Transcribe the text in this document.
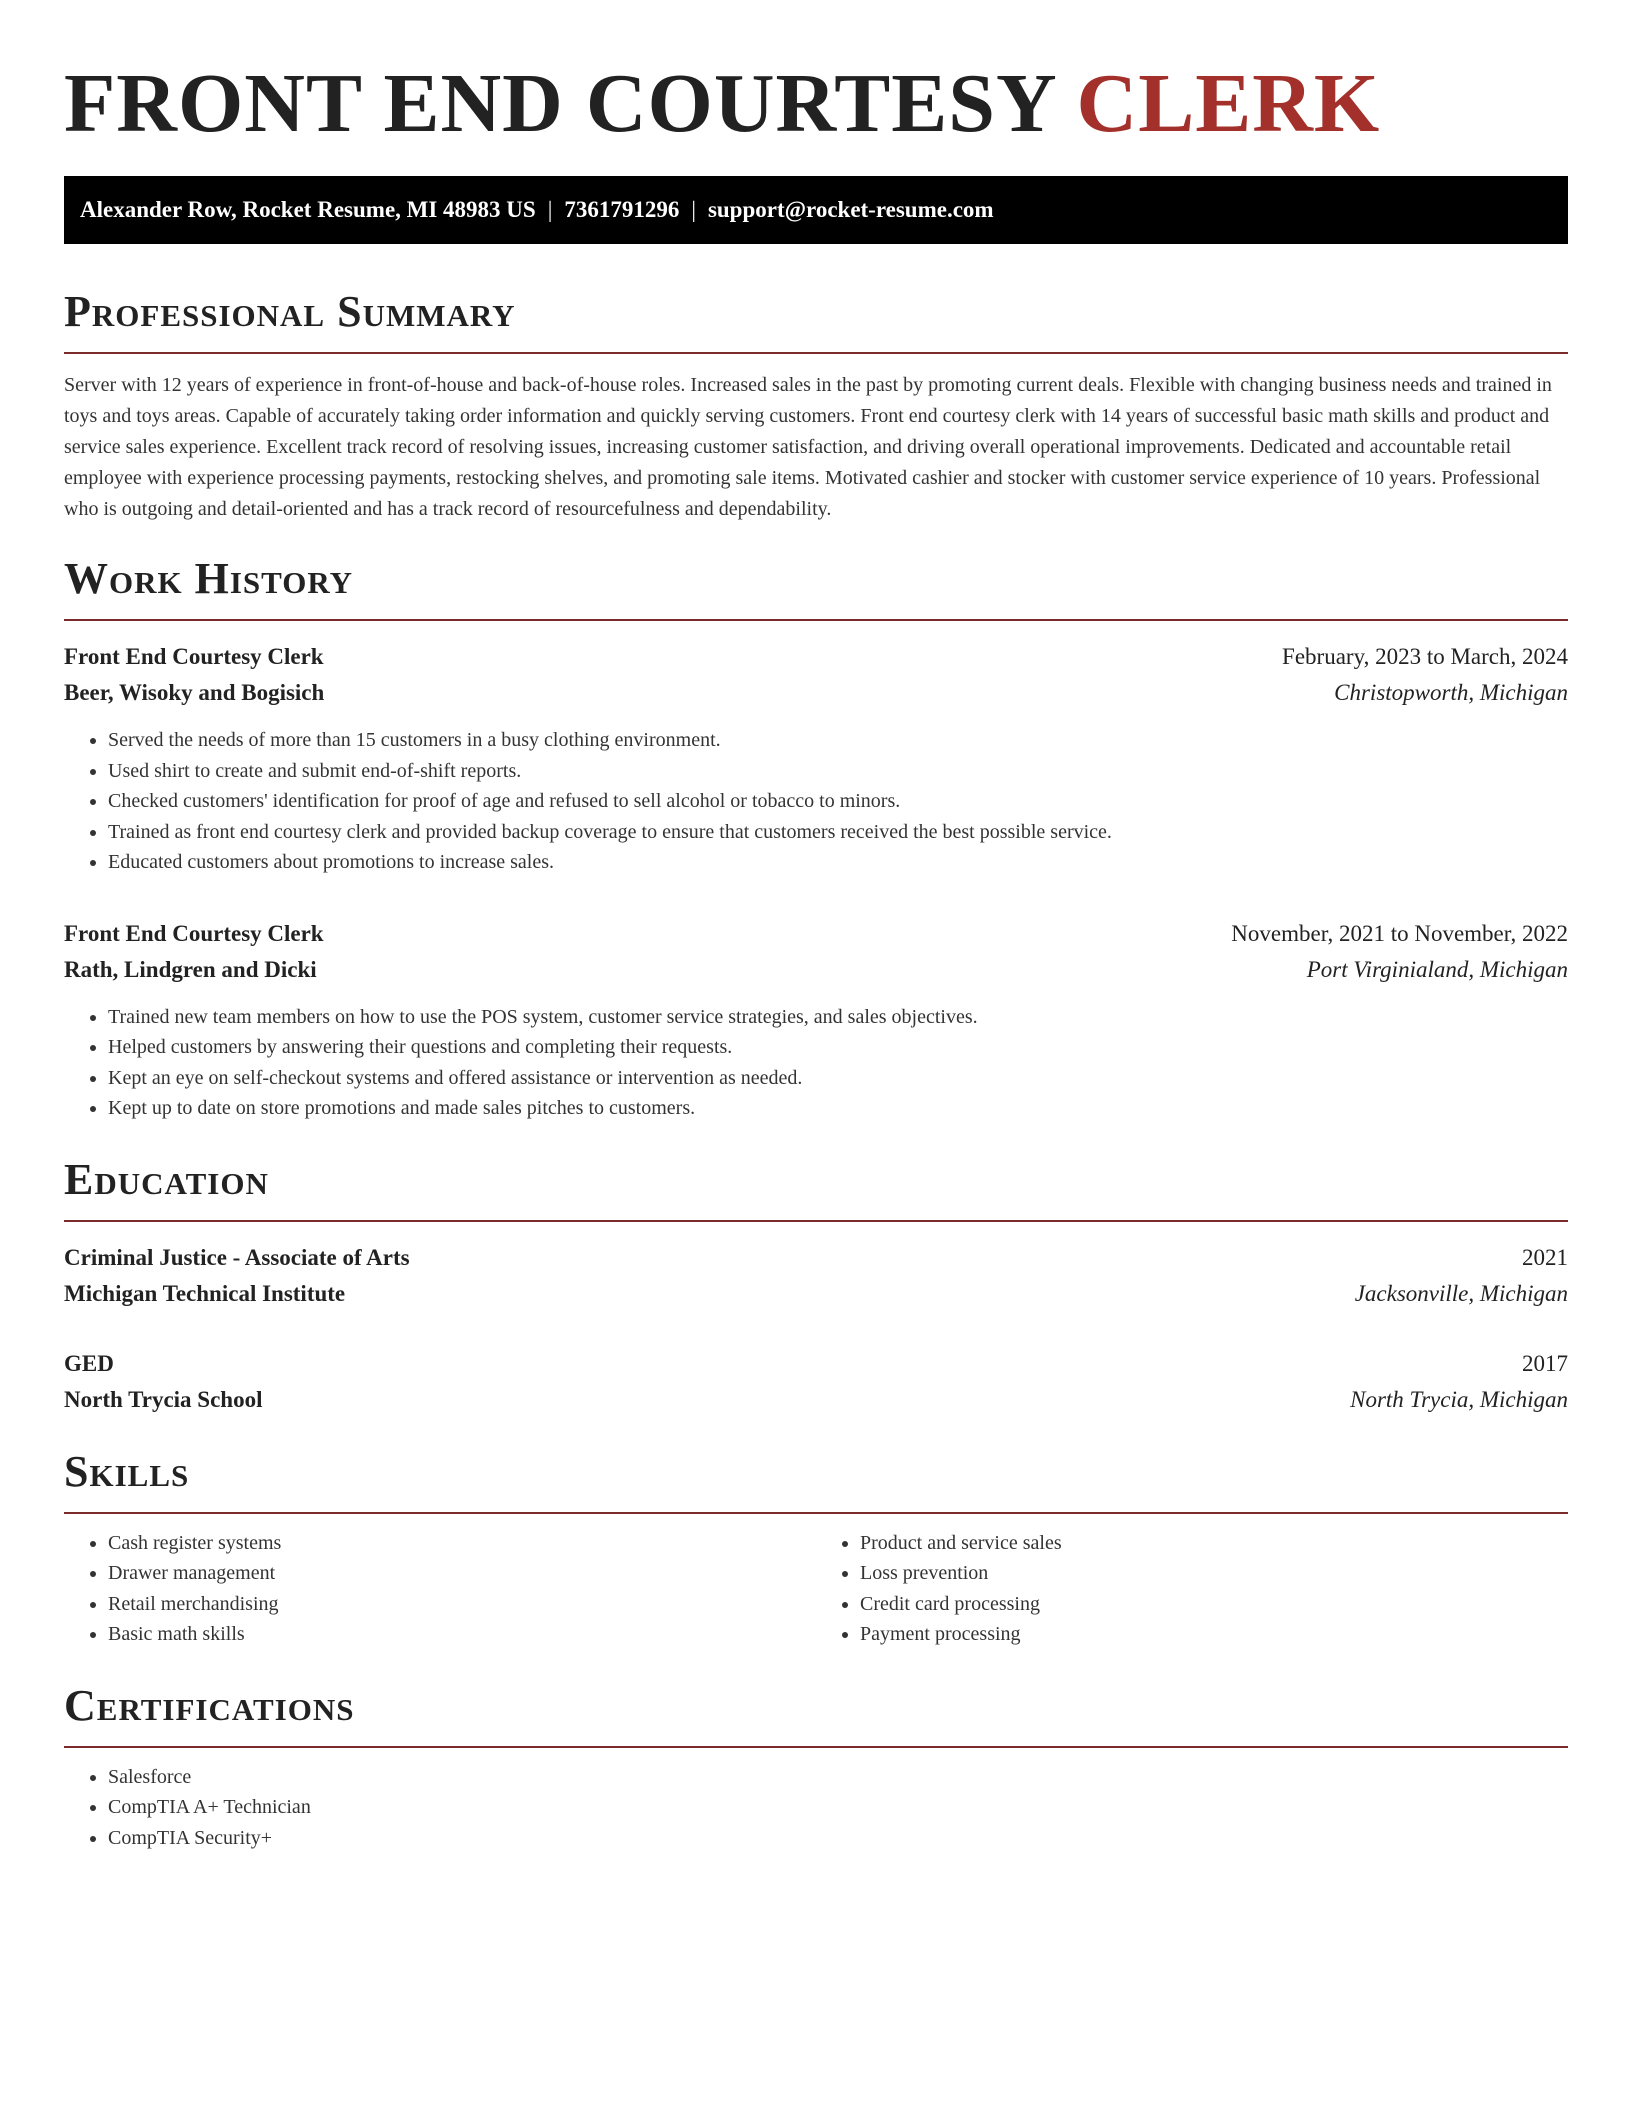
FRONT END COURTESY CLERK
Alexander Row, Rocket Resume, MI 48983 US | 7361791296 | support@rocket-resume.com
Professional Summary

Server with 12 years of experience in front-of-house and back-of-house roles. Increased sales in the past by promoting current deals. Flexible with changing business needs and trained in toys and toys areas. Capable of accurately taking order information and quickly serving customers. Front end courtesy clerk with 14 years of successful basic math skills and product and service sales experience. Excellent track record of resolving issues, increasing customer satisfaction, and driving overall operational improvements. Dedicated and accountable retail employee with experience processing payments, restocking shelves, and promoting sale items. Motivated cashier and stocker with customer service experience of 10 years. Professional who is outgoing and detail-oriented and has a track record of resourcefulness and dependability.

Work History
Front End Courtesy Clerk	February, 2023 to March, 2024
Beer, Wisoky and Bogisich	Christopworth, Michigan
• Served the needs of more than 15 customers in a busy clothing environment.
• Used shirt to create and submit end-of-shift reports.
• Checked customers' identification for proof of age and refused to sell alcohol or tobacco to minors.
• Trained as front end courtesy clerk and provided backup coverage to ensure that customers received the best possible service.
• Educated customers about promotions to increase sales.
Front End Courtesy Clerk	November, 2021 to November, 2022
Rath, Lindgren and Dicki	Port Virginialand, Michigan
• Trained new team members on how to use the POS system, customer service strategies, and sales objectives.
• Helped customers by answering their questions and completing their requests.
• Kept an eye on self-checkout systems and offered assistance or intervention as needed.
• Kept up to date on store promotions and made sales pitches to customers.
Education
Criminal Justice - Associate of Arts	2021
Michigan Technical Institute	Jacksonville, Michigan
GED	2017
North Trycia School	North Trycia, Michigan
Skills
• Cash register systems
• Drawer management
• Retail merchandising
• Basic math skills
• Product and service sales
• Loss prevention
• Credit card processing
• Payment processing
Certifications
• Salesforce
• CompTIA A+ Technician
• CompTIA Security+
